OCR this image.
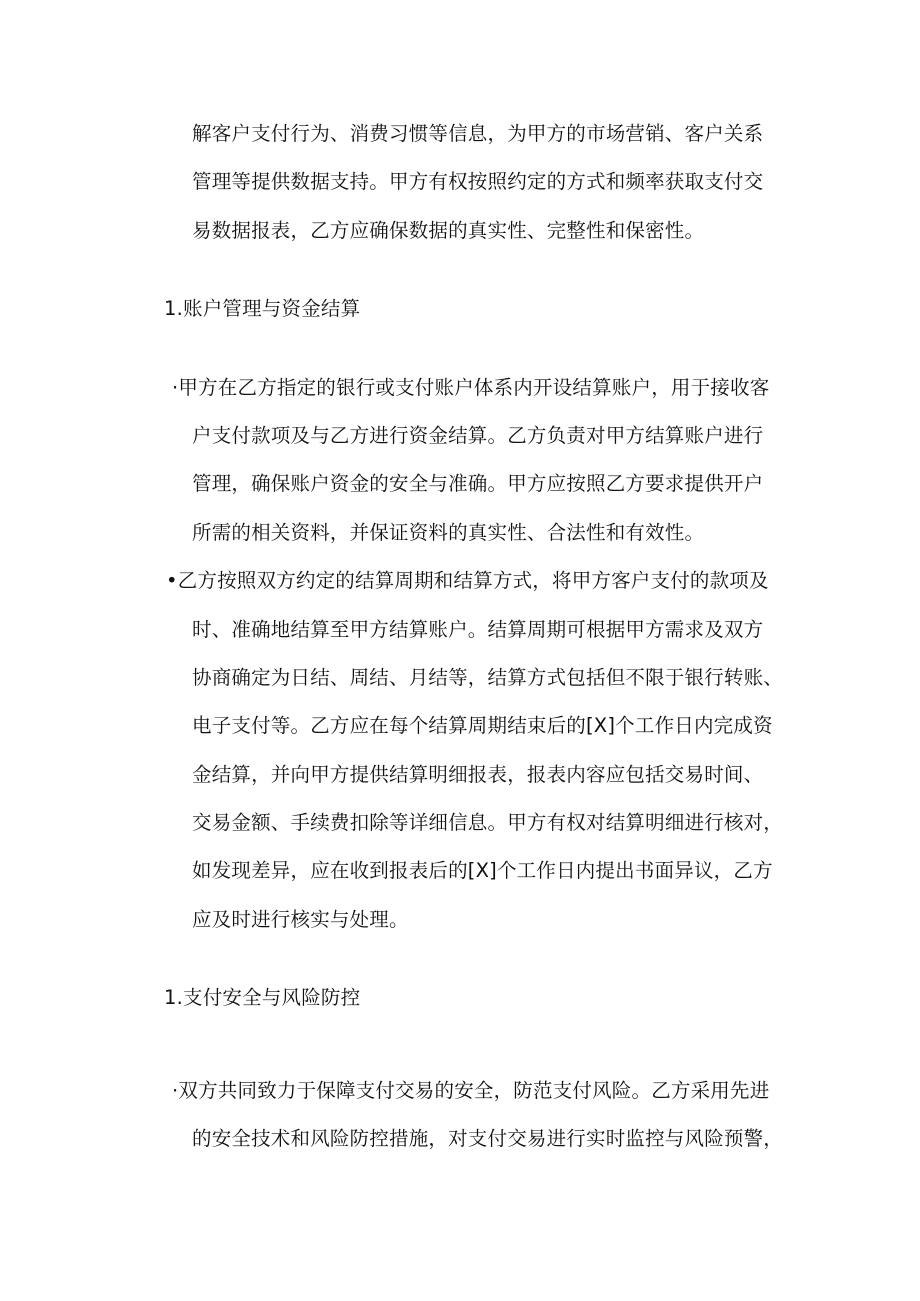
解客户支付行为、消费习惯等信息，为甲方的市场营销、客户关系
管理等提供数据支持。甲方有权按照约定的方式和频率获取支付交
易数据报表，乙方应确保数据的真实性、完整性和保密性。
1.账户管理与资金结算
·甲方在乙方指定的银行或支付账户体系内开设结算账户，用于接收客
户支付款项及与乙方进行资金结算。乙方负责对甲方结算账户进行
管理，确保账户资金的安全与准确。甲方应按照乙方要求提供开户
所需的相关资料，并保证资料的真实性、合法性和有效性。
•乙方按照双方约定的结算周期和结算方式，将甲方客户支付的款项及
时、准确地结算至甲方结算账户。结算周期可根据甲方需求及双方
协商确定为日结、周结、月结等，结算方式包括但不限于银行转账、
电子支付等。乙方应在每个结算周期结束后的[X]个工作日内完成资
金结算，并向甲方提供结算明细报表，报表内容应包括交易时间、
交易金额、手续费扣除等详细信息。甲方有权对结算明细进行核对，
如发现差异，应在收到报表后的[X]个工作日内提出书面异议，乙方
应及时进行核实与处理。
1.支付安全与风险防控
·双方共同致力于保障支付交易的安全，防范支付风险。乙方采用先进
的安全技术和风险防控措施，对支付交易进行实时监控与风险预警，
